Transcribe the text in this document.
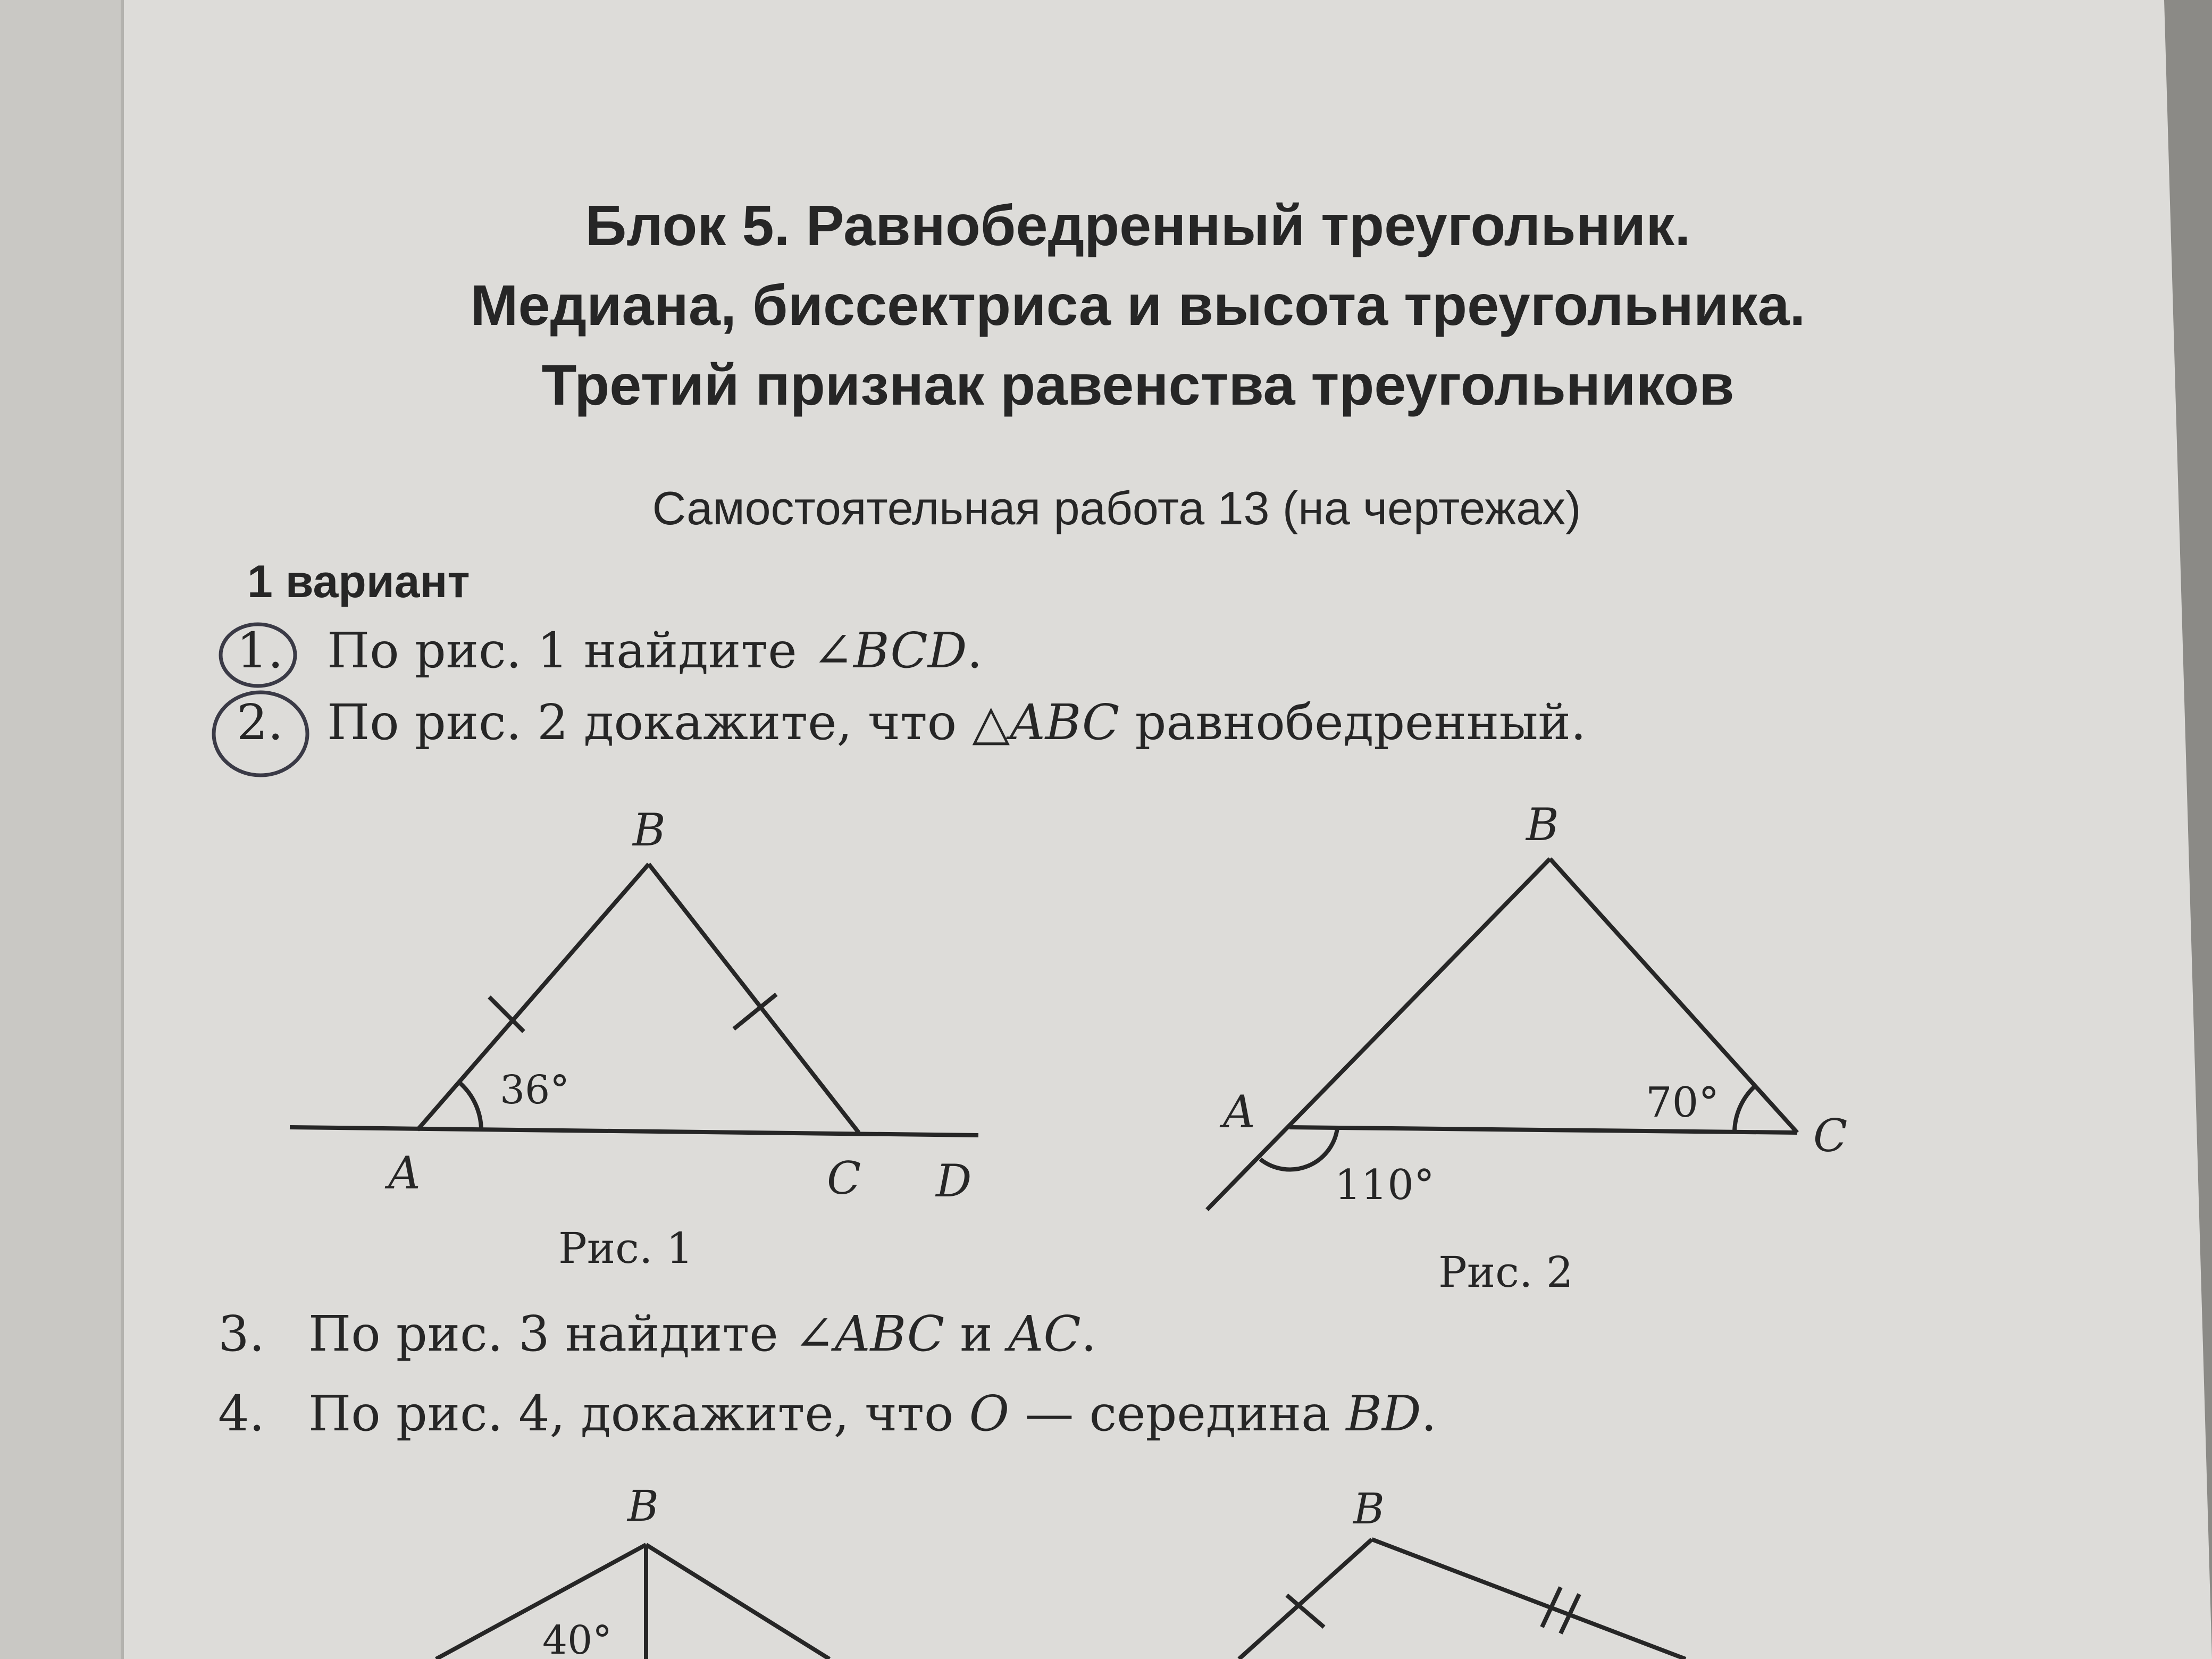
Блок 5. Равнобедренный треугольник.
Медиана, биссектриса и высота треугольника.
Третий признак равенства треугольников
Самостоятельная работа 13 (на чертежах)
1 вариант
1. По рис. 1 найдите ∠BCD.
2. По рис. 2 докажите, что △ABC равнобедренный.
B
A	C D
36°
Рис. 1
B
A	C
70°
110°
Рис. 2
3. По рис. 3 найдите ∠ABC и AC.
4. По рис. 4, докажите, что O — середина BD.
B
40°
B
